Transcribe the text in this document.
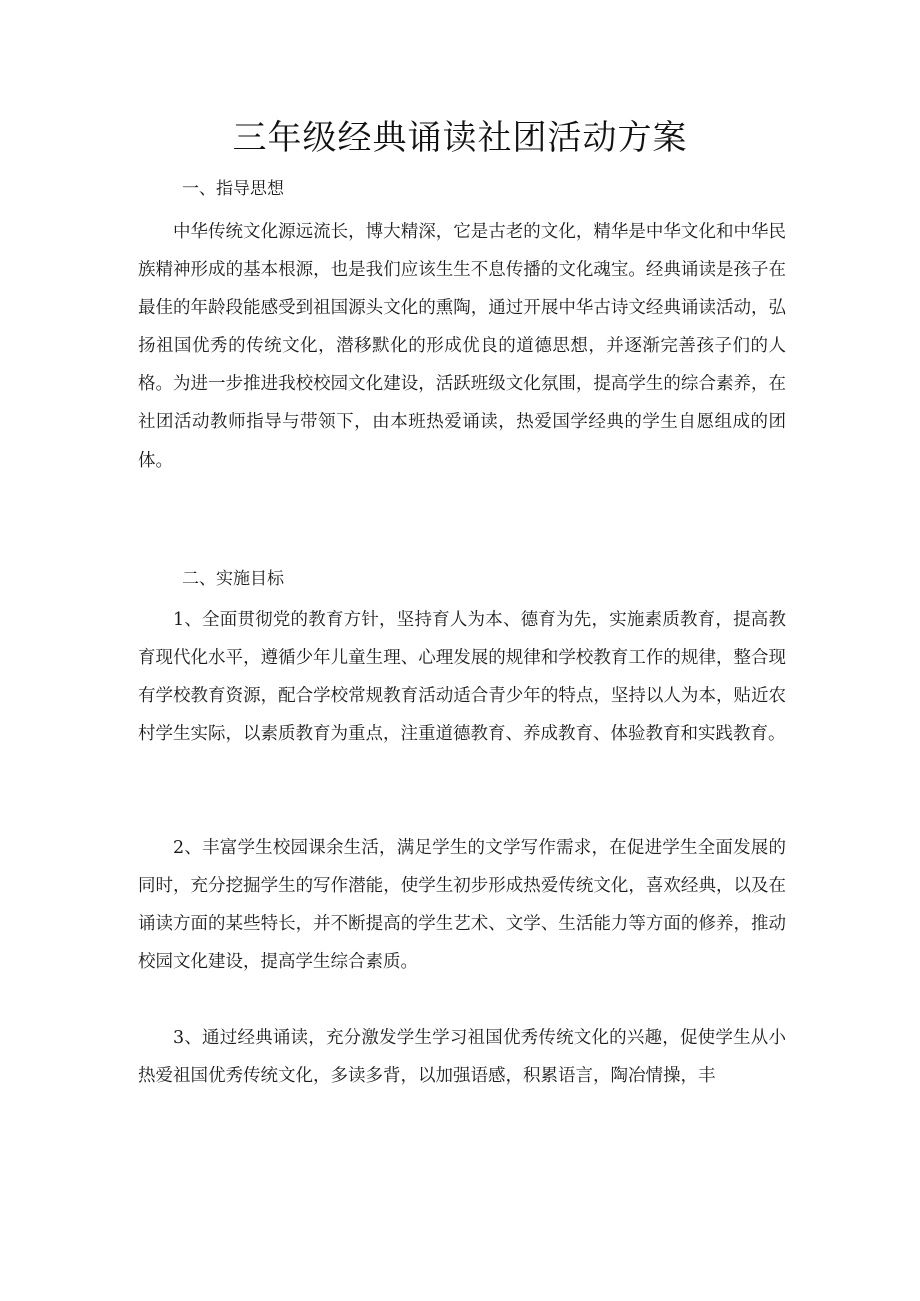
三年级经典诵读社团活动方案
一、指导思想

中华传统文化源远流长，博大精深，它是古老的文化，精华是中华文化和中华民族精神形成的基本根源，也是我们应该生生不息传播的文化魂宝。经典诵读是孩子在最佳的年龄段能感受到祖国源头文化的熏陶，通过开展中华古诗文经典诵读活动，弘扬祖国优秀的传统文化，潜移默化的形成优良的道德思想，并逐渐完善孩子们的人格。为进一步推进我校校园文化建设，活跃班级文化氛围，提高学生的综合素养，在社团活动教师指导与带领下，由本班热爱诵读，热爱国学经典的学生自愿组成的团体。

二、实施目标

1、全面贯彻党的教育方针，坚持育人为本、德育为先，实施素质教育，提高教育现代化水平，遵循少年儿童生理、心理发展的规律和学校教育工作的规律，整合现有学校教育资源，配合学校常规教育活动适合青少年的特点，坚持以人为本，贴近农村学生实际，以素质教育为重点，注重道德教育、养成教育、体验教育和实践教育。

2、丰富学生校园课余生活，满足学生的文学写作需求，在促进学生全面发展的同时，充分挖掘学生的写作潜能，使学生初步形成热爱传统文化，喜欢经典，以及在诵读方面的某些特长，并不断提高的学生艺术、文学、生活能力等方面的修养，推动校园文化建设，提高学生综合素质。

3、通过经典诵读，充分激发学生学习祖国优秀传统文化的兴趣，促使学生从小热爱祖国优秀传统文化，多读多背，以加强语感，积累语言，陶冶情操，丰
